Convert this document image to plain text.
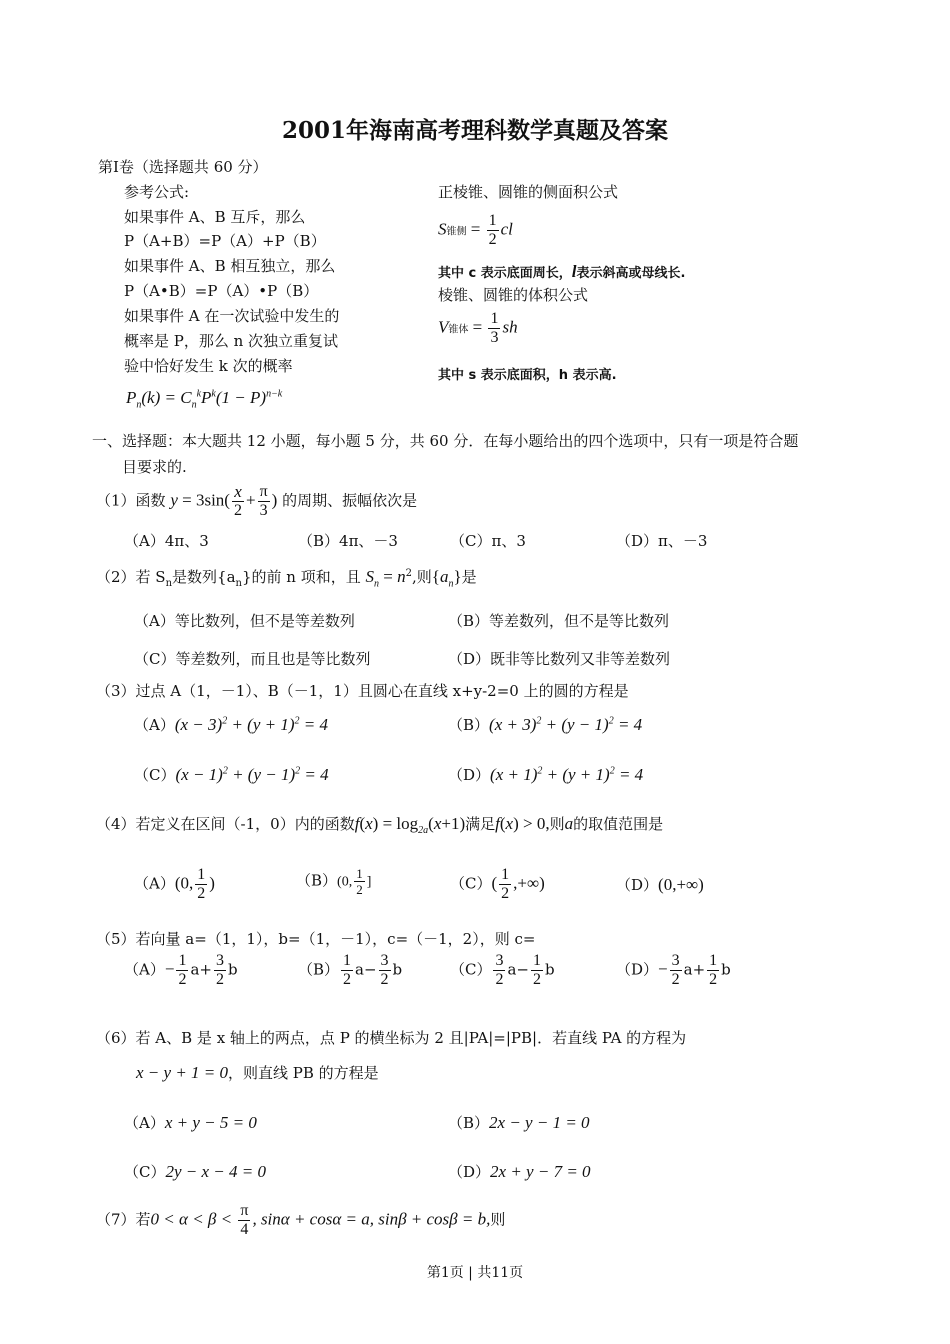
2001年海南高考理科数学真题及答案
第Ⅰ卷（选择题共 60 分）
参考公式:
如果事件 A、B 互斥，那么
P（A+B）=P（A）+P（B）
如果事件 A、B 相互独立，那么
P（A•B）=P（A）•P（B）
如果事件 A 在一次试验中发生的
概率是 P，那么 n 次独立重复试
验中恰好发生 k 次的概率
$P_n(k) = C_n^kP^k(1 - P)^{n-k}$
正棱锥、圆锥的侧面积公式
S锥侧 = $\frac{1}{2}$ cl
其中 c 表示底面周长，l表示斜高或母线长.
棱锥、圆锥的体积公式
V锥体 = $\frac{1}{3}$ sh
其中 s 表示底面积，h 表示高.
一、选择题：本大题共 12 小题，每小题 5 分，共 60 分．在每小题给出的四个选项中，只有一项是符合题
目要求的.
（1）函数 $y = 3\sin( \frac{x}{2} + \frac{\pi}{3}$ ) 的周期、振幅依次是
（A）4π、3	（B）4π、－3	（C）π、3	（D）π、－3
（2）若 $S_n$是数列$\{a_n\}$的前 n 项和，且 $S_n = n^2$,则$\{a_n\}$是
（A）等比数列，但不是等差数列	（B）等差数列，但不是等比数列
（C）等差数列，而且也是等比数列	（D）既非等比数列又非等差数列
（3）过点 A（1，－1）、B（－1，1）且圆心在直线 x+y-2=0 上的圆的方程是
$(A)(x - 3)^2 + (y + 1)^2 = 4$	$(B)(x + 3)^2 + (y - 1)^2 = 4$
$(C)(x - 1)^2 + (y - 1)^2 = 4$	$(D)(x + 1)^2 + (y + 1)^2 = 4$
（4）若定义在区间（-1，0）内的函数$f(x) = \log_{2a}(x+1)$满足f(x) > 0,则a的取值范围是
（A）(0, $\frac{1}{2}$ )	（B）(0, $\frac{1}{2}$ ]	$(C)( \frac{1}{2}$ ,+∞)	（D）(0,+∞)
（5）若向量 a=（1，1），b=（1，－1），c=（－1，2），则 c=
$(A)- \frac{1}{2} a+ \frac{3}{2}$ b	$(B) \frac{1}{2} a- \frac{3}{2}$ b	$(C) \frac{3}{2} a- \frac{1}{2}$ b	$(D)- \frac{3}{2} a+ \frac{1}{2}$ b
（6）若 A、B 是 x 轴上的两点，点 P 的横坐标为 2 且|PA|=|PB|．若直线 PA 的方程为
x − y + 1 = 0，则直线 PB 的方程是
（A）x + y − 5 = 0	（B）2x − y − 1 = 0
（C）2y − x − 4 = 0	（D）2x + y − 7 = 0
（7）若$0 < \alpha < \beta < \frac{\pi}{4}$ , sinα + cosα = a, sinβ + cosβ = b,则
第1页 | 共11页
